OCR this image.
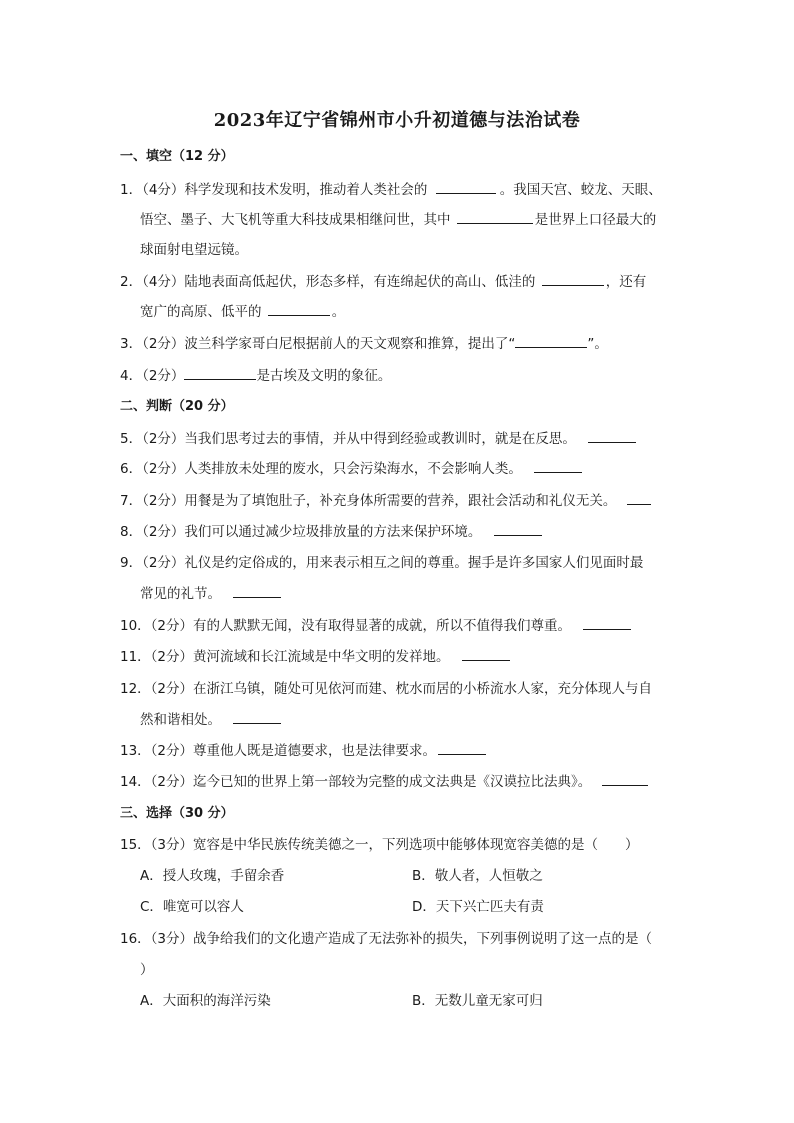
2023年辽宁省锦州市小升初道德与法治试卷
一、填空（12 分）
1．（4分）科学发现和技术发明，推动着人类社会的	。我国天宫、蛟龙、天眼、
悟空、墨子、大飞机等重大科技成果相继问世，其中	是世界上口径最大的
球面射电望远镜。
2．（4分）陆地表面高低起伏，形态多样，有连绵起伏的高山、低洼的	，还有
宽广的高原、低平的	。
3．（2分）波兰科学家哥白尼根据前人的天文观察和推算，提出了“	”。
4．（2分）	是古埃及文明的象征。
二、判断（20 分）
5．（2分）当我们思考过去的事情，并从中得到经验或教训时，就是在反思。
6．（2分）人类排放未处理的废水，只会污染海水，不会影响人类。
7．（2分）用餐是为了填饱肚子，补充身体所需要的营养，跟社会活动和礼仪无关。
8．（2分）我们可以通过减少垃圾排放量的方法来保护环境。
9．（2分）礼仪是约定俗成的，用来表示相互之间的尊重。握手是许多国家人们见面时最
常见的礼节。
10．（2分）有的人默默无闻，没有取得显著的成就，所以不值得我们尊重。
11．（2分）黄河流域和长江流域是中华文明的发祥地。
12．（2分）在浙江乌镇，随处可见依河而建、枕水而居的小桥流水人家，充分体现人与自
然和谐相处。
13．（2分）尊重他人既是道德要求，也是法律要求。
14．（2分）迄今已知的世界上第一部较为完整的成文法典是《汉谟拉比法典》。
三、选择（30 分）
15．（3分）宽容是中华民族传统美德之一，下列选项中能够体现宽容美德的是（　　）
A．授人玫瑰，手留余香	B．敬人者，人恒敬之
C．唯宽可以容人	D．天下兴亡匹夫有责
16．（3分）战争给我们的文化遗产造成了无法弥补的损失，下列事例说明了这一点的是（
）
A．大面积的海洋污染	B．无数儿童无家可归
